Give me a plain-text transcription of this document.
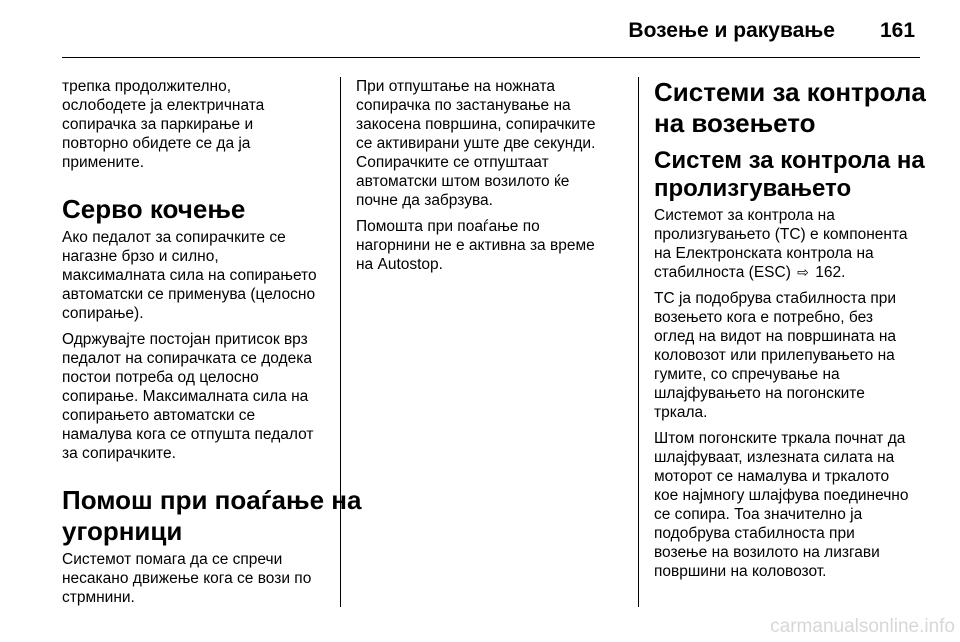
Возење и ракување 161
трепка продолжително,
ослободете ја електричната
сопирачка за паркирање и
повторно обидете се да ја
примените.
Серво кочење
Ако педалот за сопирачките се
нагазне брзо и силно,
максималната сила на сопирањето
автоматски се применува (целосно
сопирање).
Одржувајте постојан притисок врз
педалот на сопирачката се додека
постои потреба од целосно
сопирање. Максималната сила на
сопирањето автоматски се
намалува кога се отпушта педалот
за сопирачките.
Помош при поаѓање на
угорници
Системот помага да се спречи
несакано движење кога се вози по
стрмнини.
При отпуштање на ножната
сопирачка по застанување на
закосена површина, сопирачките
се активирани уште две секунди.
Сопирачките се отпуштаат
автоматски штом возилото ќе
почне да забрзува.
Помошта при поаѓање по
нагорнини не е активна за време
на Autostop.
Системи за контрола
на возењето
Систем за контрола на
пролизгувањето
Системот за контрола на
пролизгувањето (TC) е компонента
на Електронската контрола на
стабилноста (ESC) ⇨ 162.
TC ја подобрува стабилноста при
возењето кога е потребно, без
оглед на видот на површината на
коловозот или прилепувањето на
гумите, со спречување на
шлајфувањето на погонските
тркала.
Штом погонските тркала почнат да
шлајфуваат, излезната силата на
моторот се намалува и тркалото
кое најмногу шлајфува поединечно
се сопира. Тоа значително ја
подобрува стабилноста при
возење на возилото на лизгави
површини на коловозот.
carmanualsonline.info
